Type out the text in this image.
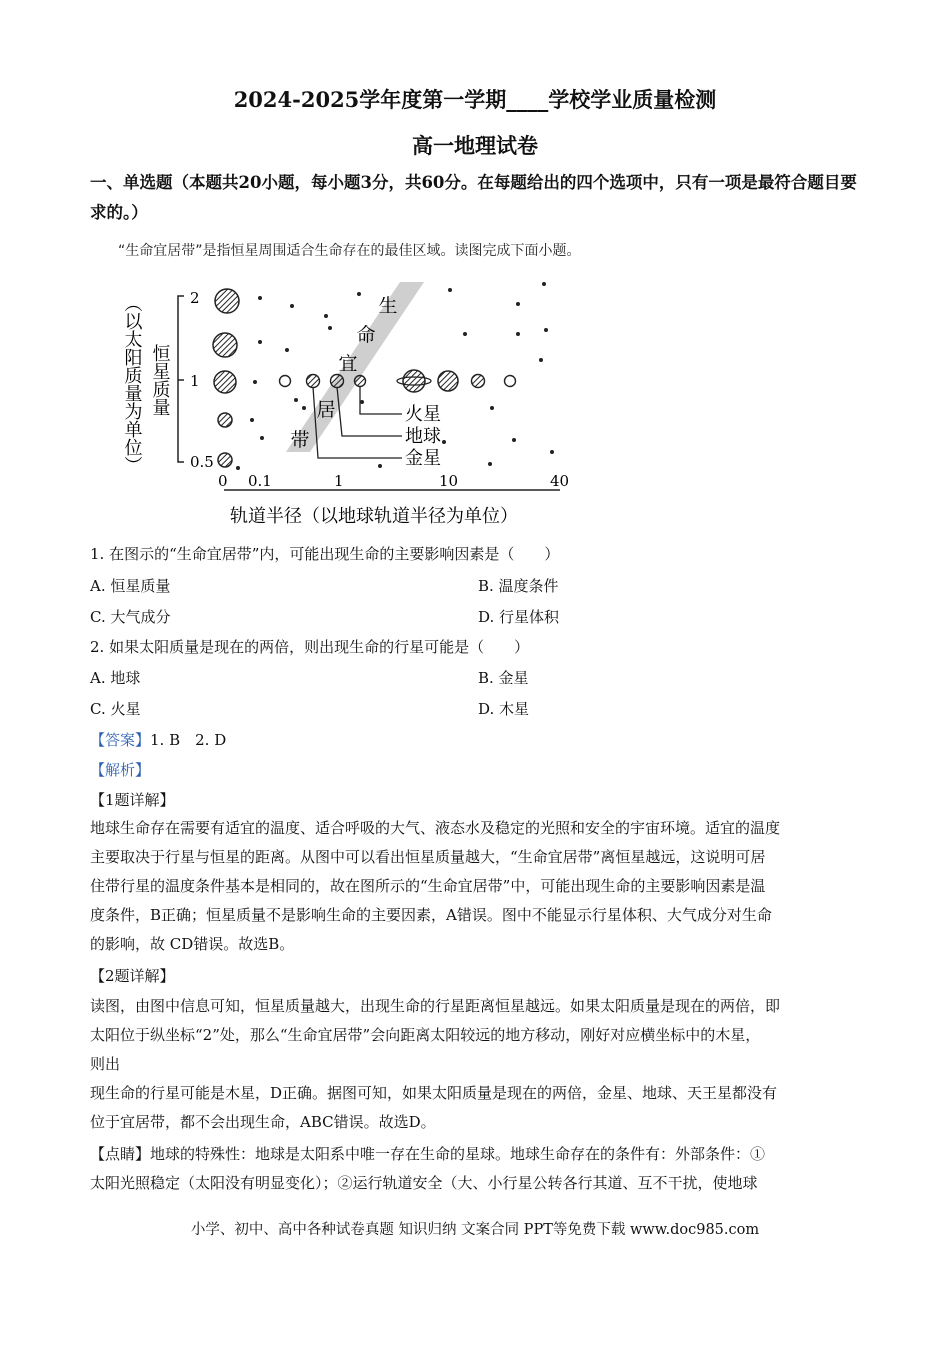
2024-2025学年度第一学期____学校学业质量检测
高一地理试卷
一、单选题（本题共20小题，每小题3分，共60分。在每题给出的四个选项中，只有一项是最符合题目要求的。）
“生命宜居带”是指恒星周围适合生命存在的最佳区域。读图完成下面小题。
生
命
宜
居
带
（以太阳质量为单位） 恒星质量
2
1
0.5
火星
地球
金星
0 0.1	1	10	40
轨道半径（以地球轨道半径为单位）
1. 在图示的“生命宜居带”内，可能出现生命的主要影响因素是（　　）
A. 恒星质量	B. 温度条件
C. 大气成分	D. 行星体积
2. 如果太阳质量是现在的两倍，则出现生命的行星可能是（　　）
A. 地球	B. 金星
C. 火星	D. 木星
【答案】1. B　2. D
【解析】
【1题详解】
地球生命存在需要有适宜的温度、适合呼吸的大气、液态水及稳定的光照和安全的宇宙环境。适宜的温度
主要取决于行星与恒星的距离。从图中可以看出恒星质量越大，“生命宜居带”离恒星越远，这说明可居
住带行星的温度条件基本是相同的，故在图所示的“生命宜居带”中，可能出现生命的主要影响因素是温
度条件，B正确；恒星质量不是影响生命的主要因素，A错误。图中不能显示行星体积、大气成分对生命
的影响，故 CD错误。故选B。
【2题详解】
读图，由图中信息可知，恒星质量越大，出现生命的行星距离恒星越远。如果太阳质量是现在的两倍，即
太阳位于纵坐标“2”处，那么“生命宜居带”会向距离太阳较远的地方移动，刚好对应横坐标中的木星，
则出
现生命的行星可能是木星，D正确。据图可知，如果太阳质量是现在的两倍，金星、地球、天王星都没有
位于宜居带，都不会出现生命，ABC错误。故选D。
【点睛】地球的特殊性：地球是太阳系中唯一存在生命的星球。地球生命存在的条件有：外部条件：①
太阳光照稳定（太阳没有明显变化）；②运行轨道安全（大、小行星公转各行其道、互不干扰，使地球
小学、初中、高中各种试卷真题 知识归纳 文案合同 PPT等免费下载 www.doc985.com
